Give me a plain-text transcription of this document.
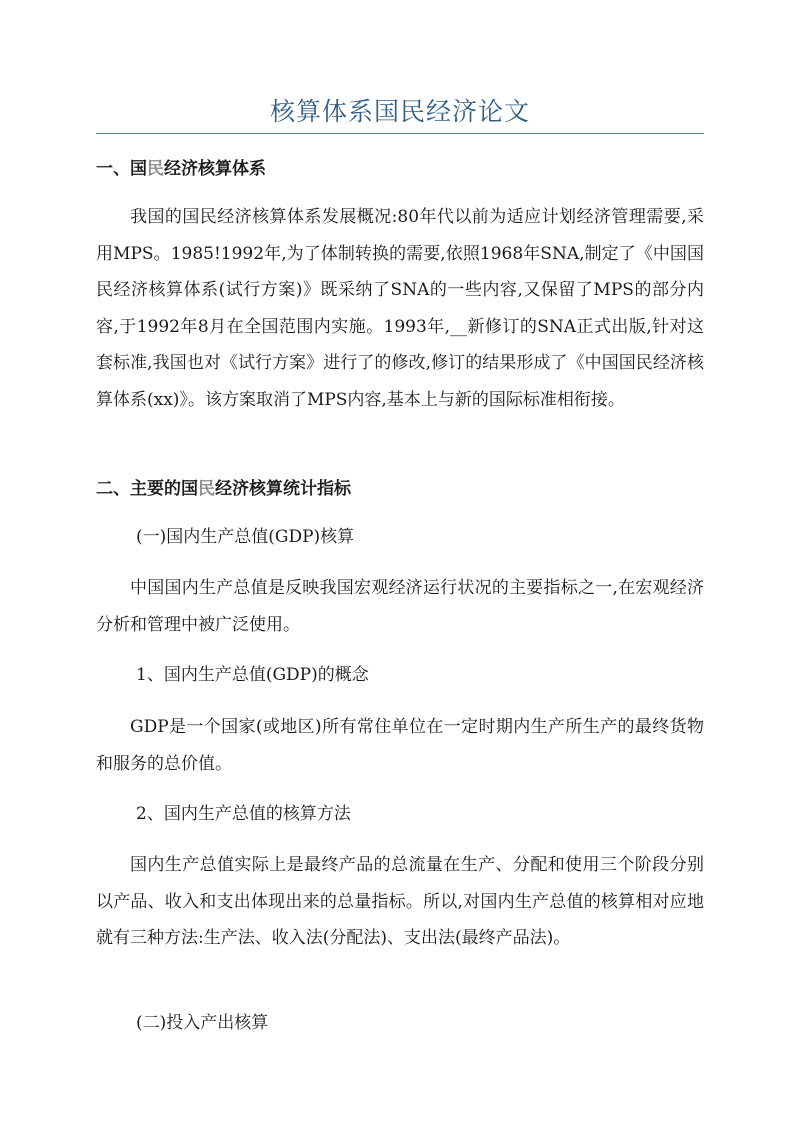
核算体系国民经济论文
一、国民经济核算体系
我国的国民经济核算体系发展概况:80年代以前为适应计划经济管理需要,采用MPS。1985!1992年,为了体制转换的需要,依照1968年SNA,制定了《中国国民经济核算体系(试行方案)》既采纳了SNA的一些内容,又保留了MPS的部分内容,于1992年8月在全国范围内实施。1993年,__新修订的SNA正式出版,针对这套标准,我国也对《试行方案》进行了的修改,修订的结果形成了《中国国民经济核算体系(xx)》。该方案取消了MPS内容,基本上与新的国际标准相衔接。
二、主要的国民经济核算统计指标
(一)国内生产总值(GDP)核算
中国国内生产总值是反映我国宏观经济运行状况的主要指标之一,在宏观经济分析和管理中被广泛使用。
1、国内生产总值(GDP)的概念
GDP是一个国家(或地区)所有常住单位在一定时期内生产所生产的最终货物和服务的总价值。
2、国内生产总值的核算方法
国内生产总值实际上是最终产品的总流量在生产、分配和使用三个阶段分别以产品、收入和支出体现出来的总量指标。所以,对国内生产总值的核算相对应地就有三种方法:生产法、收入法(分配法)、支出法(最终产品法)。
(二)投入产出核算
